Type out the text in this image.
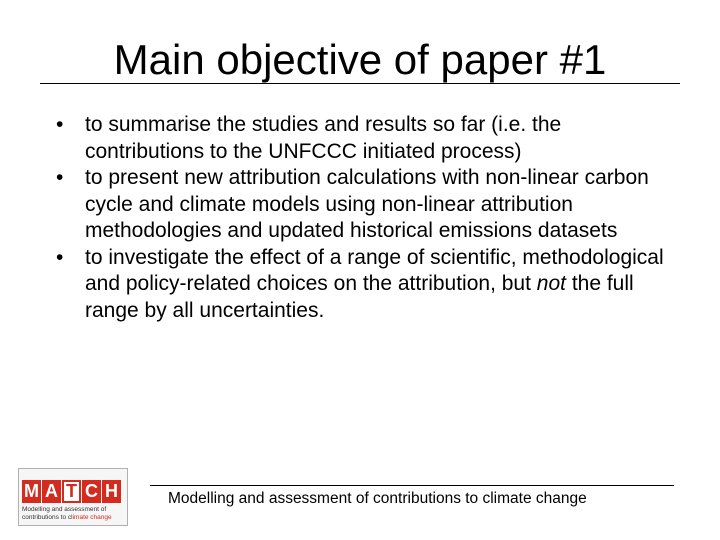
Main objective of paper #1
• to summarise the studies and results so far (i.e. the contributions to the UNFCCC initiated process)
• to present new attribution calculations with non-linear carbon cycle and climate models using non-linear attribution methodologies and updated historical emissions datasets
• to investigate the effect of a range of scientific, methodological and policy-related choices on the attribution, but not the full range by all uncertainties.
M A T C H
Modelling and assessment of
contributions to climate change
Modelling and assessment of contributions to climate change
